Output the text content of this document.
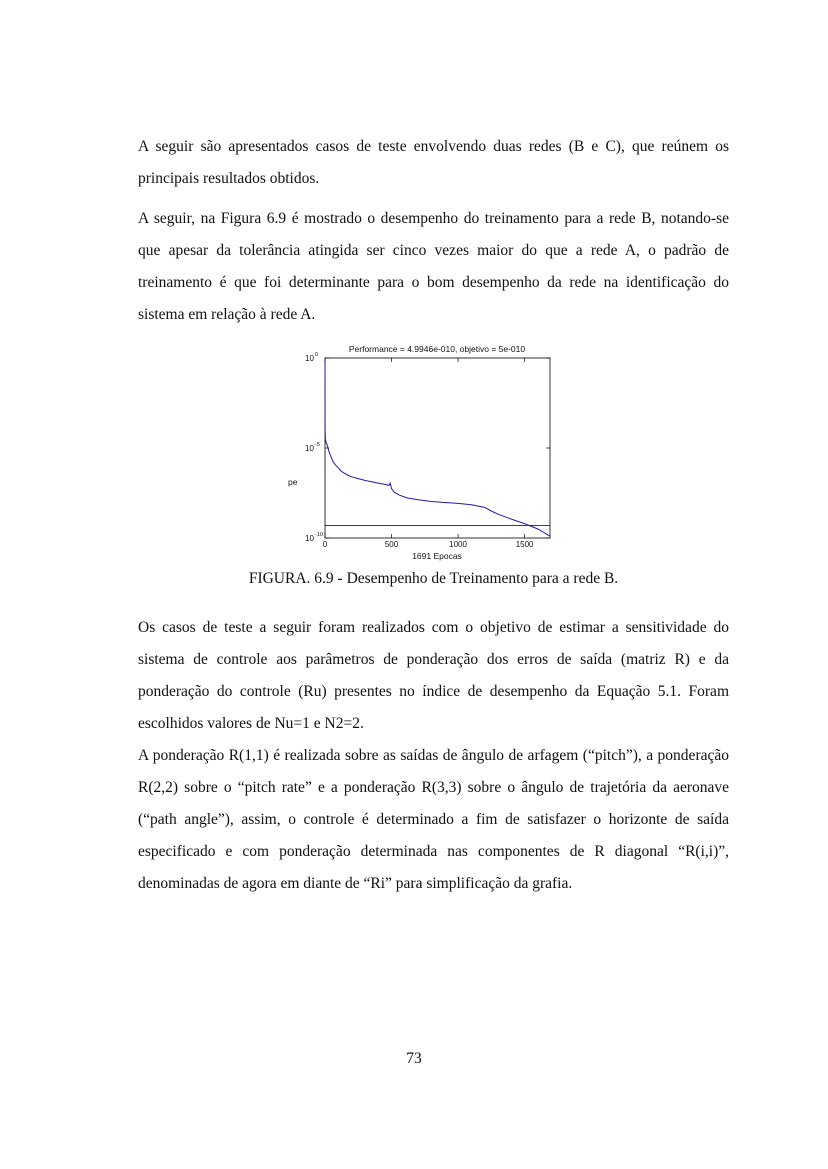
A seguir são apresentados casos de teste envolvendo duas redes (B e C), que reúnem os principais resultados obtidos.

A seguir, na Figura 6.9 é mostrado o desempenho do treinamento para a rede B, notando-se que apesar da tolerância atingida ser cinco vezes maior do que a rede A, o padrão de treinamento é que foi determinante para o bom desempenho da rede na identificação do sistema em relação à rede A.

Performance = 4.9946e-010, objetivo = 5e-010
pe
1691 Epocas
0	500	1000	1500
10 0
10 -5
10 -10
FIGURA. 6.9 - Desempenho de Treinamento para a rede B.

Os casos de teste a seguir foram realizados com o objetivo de estimar a sensitividade do sistema de controle aos parâmetros de ponderação dos erros de saída (matriz R) e da ponderação do controle (Ru) presentes no índice de desempenho da Equação 5.1. Foram escolhidos valores de Nu=1 e N2=2.

A ponderação R(1,1) é realizada sobre as saídas de ângulo de arfagem (“pitch”), a ponderação R(2,2) sobre o “pitch rate” e a ponderação R(3,3) sobre o ângulo de trajetória da aeronave (“path angle”), assim, o controle é determinado a fim de satisfazer o horizonte de saída especificado e com ponderação determinada nas componentes de R diagonal “R(i,i)”, denominadas de agora em diante de “Ri” para simplificação da grafia.

73
